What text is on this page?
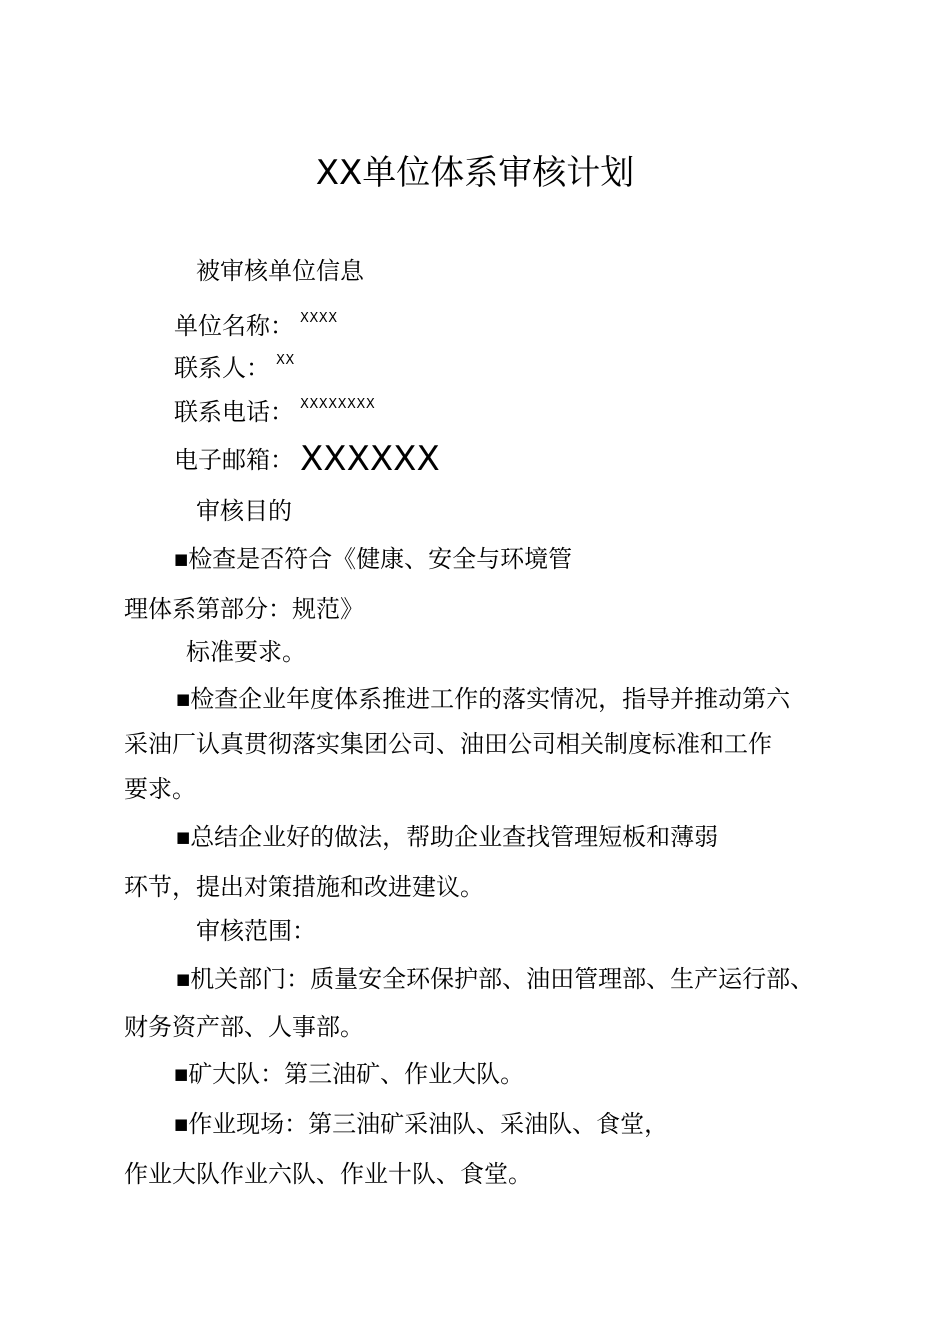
XX单位体系审核计划
被审核单位信息
单位名称： $^{XXXX}$
联系人： $^{XX}$
联系电话： $^{XXXXXXXX}$
电子邮箱： XXXXXX
审核目的
■检查是否符合《健康、安全与环境管
理体系第部分：规范》
标准要求。
■检查企业年度体系推进工作的落实情况，指导并推动第六
采油厂认真贯彻落实集团公司、油田公司相关制度标准和工作
要求。
■总结企业好的做法，帮助企业查找管理短板和薄弱
环节，提出对策措施和改进建议。
审核范围：
■机关部门：质量安全环保护部、油田管理部、生产运行部、
财务资产部、人事部。
■矿大队：第三油矿、作业大队。
■作业现场：第三油矿采油队、采油队、食堂，
作业大队作业六队、作业十队、食堂。
